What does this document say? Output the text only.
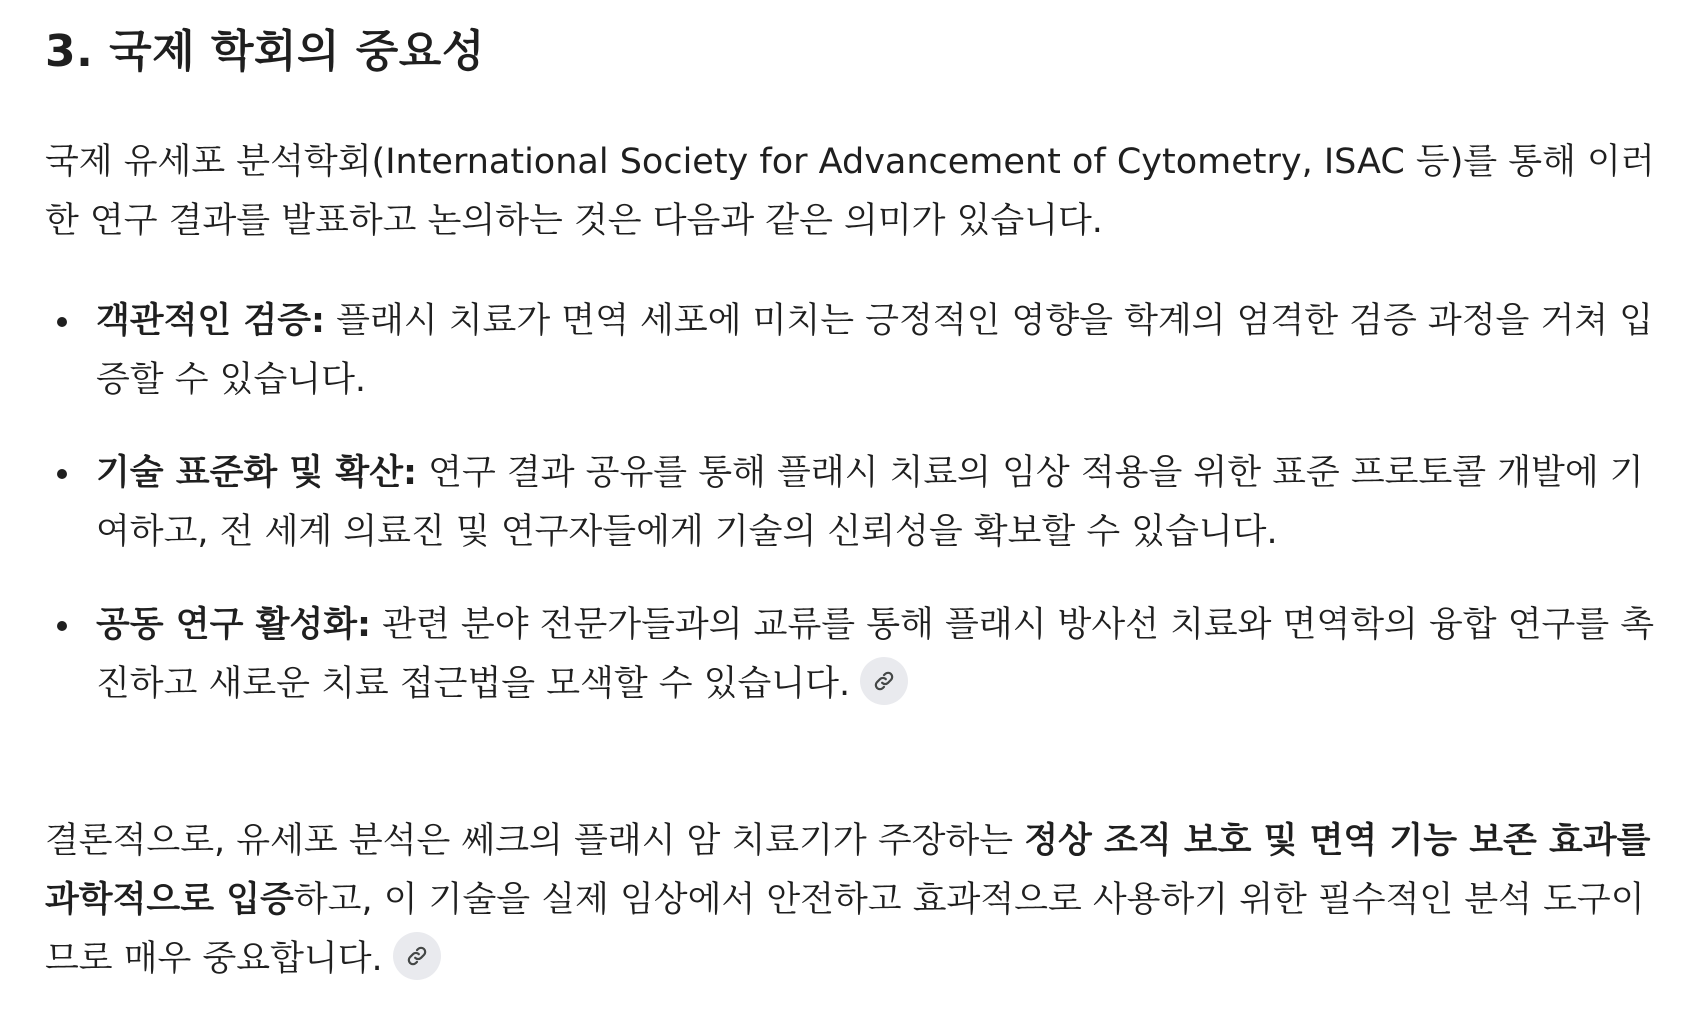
3. 국제 학회의 중요성

국제 유세포 분석학회(International Society for Advancement of Cytometry, ISAC 등)를 통해 이러한 연구 결과를 발표하고 논의하는 것은 다음과 같은 의미가 있습니다.

객관적인 검증: 플래시 치료가 면역 세포에 미치는 긍정적인 영향을 학계의 엄격한 검증 과정을 거쳐 입증할 수 있습니다.
기술 표준화 및 확산: 연구 결과 공유를 통해 플래시 치료의 임상 적용을 위한 표준 프로토콜 개발에 기여하고, 전 세계 의료진 및 연구자들에게 기술의 신뢰성을 확보할 수 있습니다.
공동 연구 활성화: 관련 분야 전문가들과의 교류를 통해 플래시 방사선 치료와 면역학의 융합 연구를 촉진하고 새로운 치료 접근법을 모색할 수 있습니다.

결론적으로, 유세포 분석은 쎄크의 플래시 암 치료기가 주장하는 정상 조직 보호 및 면역 기능 보존 효과를 과학적으로 입증하고, 이 기술을 실제 임상에서 안전하고 효과적으로 사용하기 위한 필수적인 분석 도구이므로 매우 중요합니다.
